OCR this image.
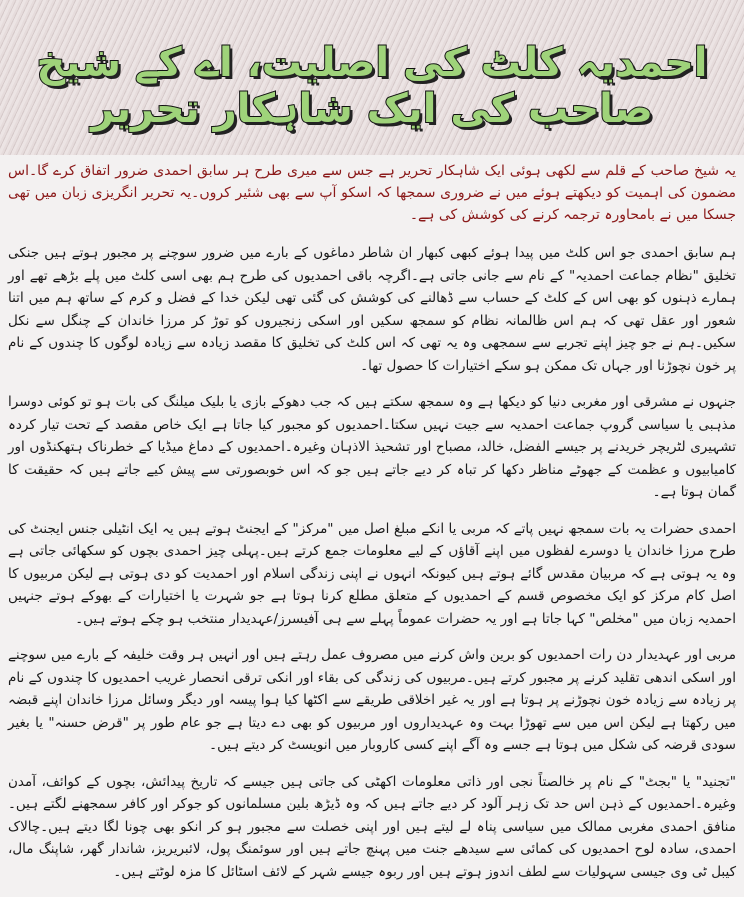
احمدیہ کلٹ کی اصلیت، اے کے شیخ صاحب کی ایک شاہکار تحریر

یہ شیخ صاحب کے قلم سے لکھی ہوئی ایک شاہکار تحریر ہے جس سے میری طرح ہر سابق احمدی ضرور اتفاق کرے گا۔اس مضمون کی اہمیت کو دیکھتے ہوئے میں نے ضروری سمجھا کہ اسکو آپ سے بھی شئیر کروں۔یہ تحریر انگریزی زبان میں تھی جسکا میں نے بامحاورہ ترجمہ کرنے کی کوشش کی ہے۔

ہم سابق احمدی جو اس کلٹ میں پیدا ہوئے کبھی کبھار ان شاطر دماغوں کے بارے میں ضرور سوچنے پر مجبور ہوتے ہیں جنکی تخلیق "نظام جماعت احمدیہ" کے نام سے جانی جاتی ہے۔اگرچہ باقی احمدیوں کی طرح ہم بھی اسی کلٹ میں پلے بڑھے تھے اور ہمارے ذہنوں کو بھی اس کے کلٹ کے حساب سے ڈھالنے کی کوشش کی گئی تھی لیکن خدا کے فضل و کرم کے ساتھ ہم میں اتنا شعور اور عقل تھی کہ ہم اس ظالمانہ نظام کو سمجھ سکیں اور اسکی زنجیروں کو توڑ کر مرزا خاندان کے چنگل سے نکل سکیں۔ہم نے جو چیز اپنے تجربے سے سمجھی وہ یہ تھی کہ اس کلٹ کی تخلیق کا مقصد زیادہ سے زیادہ لوگوں کا چندوں کے نام پر خون نچوڑنا اور جہاں تک ممکن ہو سکے اختیارات کا حصول تھا۔

جنہوں نے مشرقی اور مغربی دنیا کو دیکھا ہے وہ سمجھ سکتے ہیں کہ جب دھوکے بازی یا بلیک میلنگ کی بات ہو تو کوئی دوسرا مذہبی یا سیاسی گروپ جماعت احمدیہ سے جیت نہیں سکتا۔احمدیوں کو مجبور کیا جاتا ہے ایک خاص مقصد کے تحت تیار کردہ تشہیری لٹریچر خریدنے پر جیسے الفضل، خالد، مصباح اور تشحیذ الاذہان وغیرہ۔احمدیوں کے دماغ میڈیا کے خطرناک ہتھکنڈوں اور کامیابیوں و عظمت کے جھوٹے مناظر دکھا کر تباہ کر دیے جاتے ہیں جو کہ اس خوبصورتی سے پیش کیے جاتے ہیں کہ حقیقت کا گمان ہوتا ہے۔

احمدی حضرات یہ بات سمجھ نہیں پاتے کہ مربی یا انکے مبلغ اصل میں "مرکز" کے ایجنٹ ہوتے ہیں یہ ایک انٹیلی جنس ایجنٹ کی طرح مرزا خاندان یا دوسرے لفظوں میں اپنے آقاؤں کے لیے معلومات جمع کرتے ہیں۔پہلی چیز احمدی بچوں کو سکھائی جاتی ہے وہ یہ ہوتی ہے کہ مربیان مقدس گائے ہوتے ہیں کیونکہ انہوں نے اپنی زندگی اسلام اور احمدیت کو دی ہوتی ہے لیکن مربیوں کا اصل کام مرکز کو ایک مخصوص قسم کے احمدیوں کے متعلق مطلع کرنا ہوتا ہے جو شہرت یا اختیارات کے بھوکے ہوتے جنہیں احمدیہ زبان میں "مخلص" کہا جاتا ہے اور یہ حضرات عموماً پہلے سے ہی آفیسرز/عہدیدار منتخب ہو چکے ہوتے ہیں۔

مربی اور عہدیدار دن رات احمدیوں کو برین واش کرنے میں مصروف عمل رہتے ہیں اور انہیں ہر وقت خلیفہ کے بارے میں سوچنے اور اسکی اندھی تقلید کرنے پر مجبور کرتے ہیں۔مربیوں کی زندگی کی بقاء اور انکی ترقی انحصار غریب احمدیوں کا چندوں کے نام پر زیادہ سے زیادہ خون نچوڑنے پر ہوتا ہے اور یہ غیر اخلاقی طریقے سے اکٹھا کیا ہوا پیسہ اور دیگر وسائل مرزا خاندان اپنے قبضہ میں رکھتا ہے لیکن اس میں سے تھوڑا بہت وہ عہدیداروں اور مربیوں کو بھی دے دیتا ہے جو عام طور پر "قرض حسنہ" یا بغیر سودی قرضہ کی شکل میں ہوتا ہے جسے وہ آگے اپنے کسی کاروبار میں انویسٹ کر دیتے ہیں۔

"تجنید" یا "بجٹ" کے نام پر خالصتاً نجی اور ذاتی معلومات اکھٹی کی جاتی ہیں جیسے کہ تاریخ پیدائش، بچوں کے کوائف، آمدن وغیرہ۔احمدیوں کے ذہن اس حد تک زہر آلود کر دیے جاتے ہیں کہ وہ ڈیڑھ بلین مسلمانوں کو جوکر اور کافر سمجھنے لگتے ہیں۔منافق احمدی مغربی ممالک میں سیاسی پناہ لے لیتے ہیں اور اپنی خصلت سے مجبور ہو کر انکو بھی چونا لگا دیتے ہیں۔چالاک احمدی، سادہ لوح احمدیوں کی کمائی سے سیدھے جنت میں پہنچ جاتے ہیں اور سوئمنگ پول، لائبریریز، شاندار گھر، شاپنگ مال، کیبل ٹی وی جیسی سہولیات سے لطف اندوز ہوتے ہیں اور ربوہ جیسے شہر کے لائف اسٹائل کا مزہ لوٹتے ہیں۔
